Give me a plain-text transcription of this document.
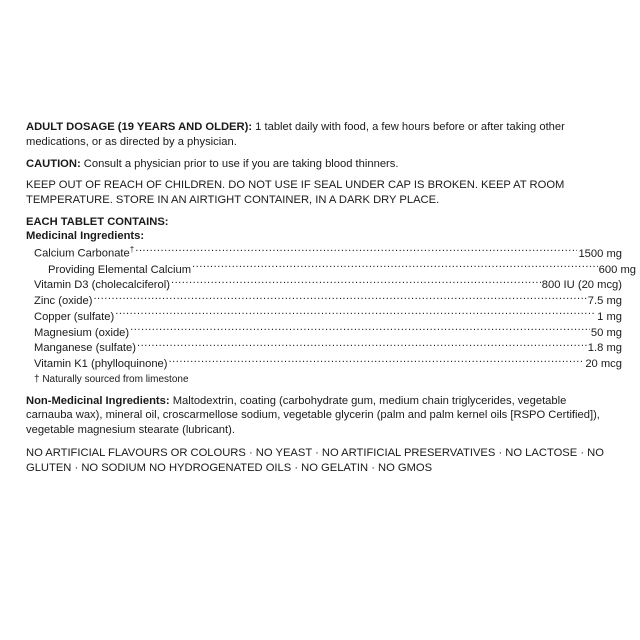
ADULT DOSAGE (19 YEARS AND OLDER): 1 tablet daily with food, a few hours before or after taking other medications, or as directed by a physician.
CAUTION: Consult a physician prior to use if you are taking blood thinners.
KEEP OUT OF REACH OF CHILDREN. DO NOT USE IF SEAL UNDER CAP IS BROKEN. KEEP AT ROOM TEMPERATURE. STORE IN AN AIRTIGHT CONTAINER, IN A DARK DRY PLACE.
EACH TABLET CONTAINS:
Medicinal Ingredients:
Calcium Carbonate† .....	1500 mg
Providing Elemental Calcium .....	600 mg
Vitamin D3 (cholecalciferol) .....	800 IU (20 mcg)
Zinc (oxide) .....	7.5 mg
Copper (sulfate) .....	1 mg
Magnesium (oxide) .....	50 mg
Manganese (sulfate) .....	1.8 mg
Vitamin K1 (phylloquinone) .....	20 mcg
† Naturally sourced from limestone
Non-Medicinal Ingredients: Maltodextrin, coating (carbohydrate gum, medium chain triglycerides, vegetable carnauba wax), mineral oil, croscarmellose sodium, vegetable glycerin (palm and palm kernel oils [RSPO Certified]), vegetable magnesium stearate (lubricant).
NO ARTIFICIAL FLAVOURS OR COLOURS · NO YEAST · NO ARTIFICIAL PRESERVATIVES · NO LACTOSE · NO GLUTEN · NO SODIUM NO HYDROGENATED OILS · NO GELATIN · NO GMOS
